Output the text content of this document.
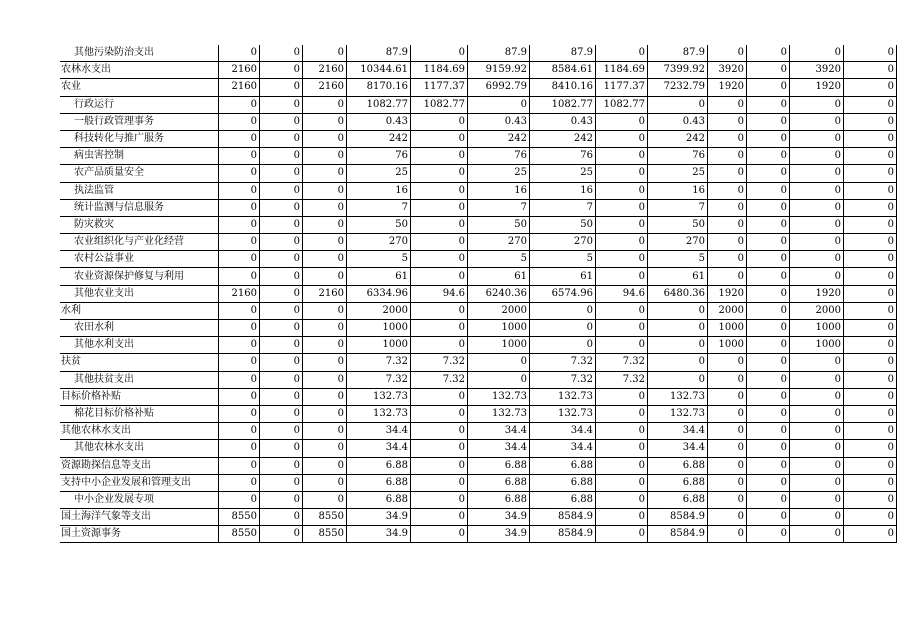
其他污染防治支出	0	0	0	87.9	0	87.9	87.9	0	87.9	0	0	0	0
农林水支出	2160	0	2160	10344.61	1184.69	9159.92	8584.61	1184.69	7399.92	3920	0	3920	0
农业	2160	0	2160	8170.16	1177.37	6992.79	8410.16	1177.37	7232.79	1920	0	1920	0
行政运行	0	0	0	1082.77	1082.77	0	1082.77	1082.77	0	0	0	0	0
一般行政管理事务	0	0	0	0.43	0	0.43	0.43	0	0.43	0	0	0	0
科技转化与推广服务	0	0	0	242	0	242	242	0	242	0	0	0	0
病虫害控制	0	0	0	76	0	76	76	0	76	0	0	0	0
农产品质量安全	0	0	0	25	0	25	25	0	25	0	0	0	0
执法监管	0	0	0	16	0	16	16	0	16	0	0	0	0
统计监测与信息服务	0	0	0	7	0	7	7	0	7	0	0	0	0
防灾救灾	0	0	0	50	0	50	50	0	50	0	0	0	0
农业组织化与产业化经营	0	0	0	270	0	270	270	0	270	0	0	0	0
农村公益事业	0	0	0	5	0	5	5	0	5	0	0	0	0
农业资源保护修复与利用	0	0	0	61	0	61	61	0	61	0	0	0	0
其他农业支出	2160	0	2160	6334.96	94.6	6240.36	6574.96	94.6	6480.36	1920	0	1920	0
水利	0	0	0	2000	0	2000	0	0	0	2000	0	2000	0
农田水利	0	0	0	1000	0	1000	0	0	0	1000	0	1000	0
其他水利支出	0	0	0	1000	0	1000	0	0	0	1000	0	1000	0
扶贫	0	0	0	7.32	7.32	0	7.32	7.32	0	0	0	0	0
其他扶贫支出	0	0	0	7.32	7.32	0	7.32	7.32	0	0	0	0	0
目标价格补贴	0	0	0	132.73	0	132.73	132.73	0	132.73	0	0	0	0
棉花目标价格补贴	0	0	0	132.73	0	132.73	132.73	0	132.73	0	0	0	0
其他农林水支出	0	0	0	34.4	0	34.4	34.4	0	34.4	0	0	0	0
其他农林水支出	0	0	0	34.4	0	34.4	34.4	0	34.4	0	0	0	0
资源勘探信息等支出	0	0	0	6.88	0	6.88	6.88	0	6.88	0	0	0	0
支持中小企业发展和管理支出	0	0	0	6.88	0	6.88	6.88	0	6.88	0	0	0	0
中小企业发展专项	0	0	0	6.88	0	6.88	6.88	0	6.88	0	0	0	0
国土海洋气象等支出	8550	0	8550	34.9	0	34.9	8584.9	0	8584.9	0	0	0	0
国土资源事务	8550	0	8550	34.9	0	34.9	8584.9	0	8584.9	0	0	0	0
